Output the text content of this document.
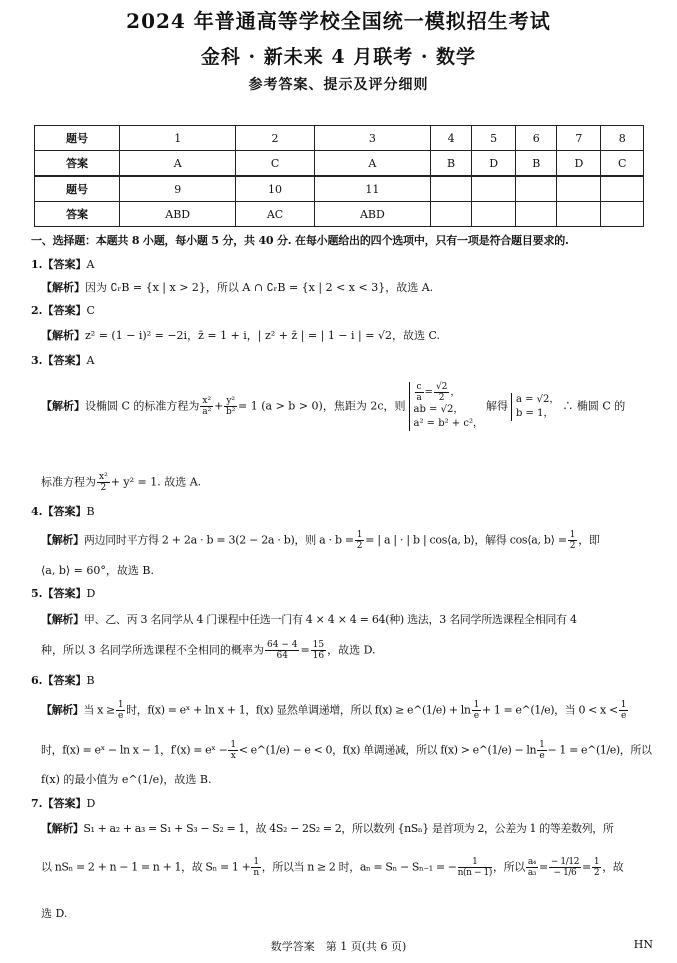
2024 年普通高等学校全国统一模拟招生考试
金科 · 新未来 4 月联考 · 数学
参考答案、提示及评分细则
题号	1	2	3	4	5	6	7	8
答案	A	C	A	B	D	B	D	C
题号	9	10	11					
答案	ABD	AC	ABD					
一、选择题：本题共 8 小题，每小题 5 分，共 40 分. 在每小题给出的四个选项中，只有一项是符合题目要求的.
1.【答案】A
【解析】因为 ∁ᵣB = {x | x > 2}，所以 A ∩ ∁ᵣB = {x | 2 < x < 3}，故选 A.
2.【答案】C
【解析】z² = (1 − i)² = −2i，z̄ = 1 + i，| z² + z̄ | = | 1 − i | = √2，故选 C.
3.【答案】A
【解析】设椭圆 C 的标准方程为 $\frac{\text{x²}}{\text{a²}} + \frac{\text{y²}}{\text{b²}} = 1$ (a > b > 0)，焦距为 2c，则
$\frac{c}{a} = \frac{√2}{2}$ ，
ab = √2，
a² = b² + c²，
解得
a = √2，
b = 1，
∴ 椭圆 C 的
标准方程为 $\frac{\text{x²}}{2} + y^2 = 1$. 故选 A.
4.【答案】B
【解析】两边同时平方得 2 + 2a · b = 3(2 − 2a · b)，则 $a \cdot b = \frac{1}{2}$ = | a | · | b | cos⟨a, b⟩，解得 cos⟨a, b⟩ = $\frac{1}{2}$ ，即
⟨a, b⟩ = 60°，故选 B.
5.【答案】D
【解析】甲、乙、丙 3 名同学从 4 门课程中任选一门有 4 × 4 × 4 = 64(种) 选法，3 名同学所选课程全相同有 4
种，所以 3 名同学所选课程不全相同的概率为 $\frac{64 - 4}{64} = \frac{15}{16}$ ，故选 D.
6.【答案】B
【解析】当 $x \ge \frac{1}{e}$ 时，f(x) = eˣ + ln x + 1，f(x) 显然单调递增，所以 f(x) ≥ e^(1/e) + $\ln \frac{1}{e} + 1$ = e^(1/e)，当 $0 < x < \frac{1}{e}$
时，f(x) = eˣ − ln x − 1，f′(x) = eˣ − $\frac{1}{x}$ < e^(1/e) − e < 0，f(x) 单调递减，所以 f(x) > e^(1/e) − $\ln \frac{1}{e} - 1$ = e^(1/e)，所以
f(x) 的最小值为 e^(1/e)，故选 B.
7.【答案】D
【解析】S₁ + a₂ + a₃ = S₁ + S₃ − S₂ = 1，故 4S₂ − 2S₂ = 2，所以数列 {nSₙ} 是首项为 2，公差为 1 的等差数列，所
以 nSₙ = 2 + n − 1 = n + 1，故 $S_n = 1 + \frac{1}{n}$ ，所以当 n ≥ 2 时，aₙ = Sₙ − Sₙ₋₁ = − $\frac{1}{n(n - 1)}$ ，所以 $\frac{\text{a₄}}{\text{a₃}} = \frac{- 1/12}{- 1/6} = \frac{1}{2}$ ，故
选 D.
数学答案　第 1 页(共 6 页)	HN
